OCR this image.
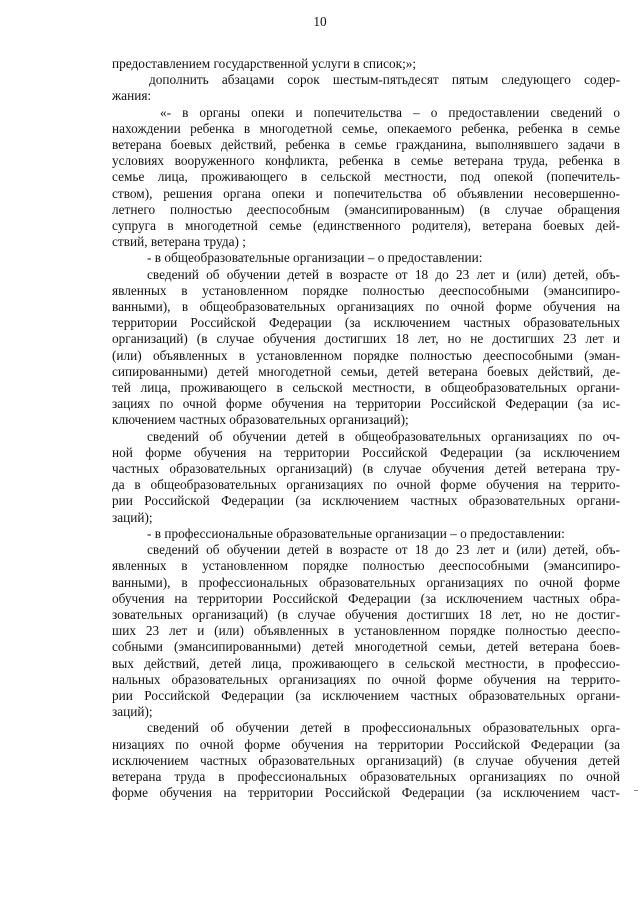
10
предоставлением государственной услуги в список;»;
дополнить абзацами сорок шестым-пятьдесят пятым следующего содер-
жания:
«- в органы опеки и попечительства – о предоставлении сведений о
нахождении ребенка в многодетной семье, опекаемого ребенка, ребенка в семье
ветерана боевых действий, ребенка в семье гражданина, выполнявшего задачи в
условиях вооруженного конфликта, ребенка в семье ветерана труда, ребенка в
семье лица, проживающего в сельской местности, под опекой (попечитель-
ством), решения органа опеки и попечительства об объявлении несовершенно-
летнего полностью дееспособным (эмансипированным) (в случае обращения
супруга в многодетной семье (единственного родителя), ветерана боевых дей-
ствий, ветерана труда) ;
- в общеобразовательные организации – о предоставлении:
сведений об обучении детей в возрасте от 18 до 23 лет и (или) детей, объ-
явленных в установленном порядке полностью дееспособными (эмансипиро-
ванными), в общеобразовательных организациях по очной форме обучения на
территории Российской Федерации (за исключением частных образовательных
организаций) (в случае обучения достигших 18 лет, но не достигших 23 лет и
(или) объявленных в установленном порядке полностью дееспособными (эман-
сипированными) детей многодетной семьи, детей ветерана боевых действий, де-
тей лица, проживающего в сельской местности, в общеобразовательных органи-
зациях по очной форме обучения на территории Российской Федерации (за ис-
ключением частных образовательных организаций);
сведений об обучении детей в общеобразовательных организациях по оч-
ной форме обучения на территории Российской Федерации (за исключением
частных образовательных организаций) (в случае обучения детей ветерана тру-
да в общеобразовательных организациях по очной форме обучения на террито-
рии Российской Федерации (за исключением частных образовательных органи-
заций);
- в профессиональные образовательные организации – о предоставлении:
сведений об обучении детей в возрасте от 18 до 23 лет и (или) детей, объ-
явленных в установленном порядке полностью дееспособными (эмансипиро-
ванными), в профессиональных образовательных организациях по очной форме
обучения на территории Российской Федерации (за исключением частных обра-
зовательных организаций) (в случае обучения достигших 18 лет, но не достиг-
ших 23 лет и (или) объявленных в установленном порядке полностью дееспо-
собными (эмансипированными) детей многодетной семьи, детей ветерана боев-
вых действий, детей лица, проживающего в сельской местности, в профессио-
нальных образовательных организациях по очной форме обучения на террито-
рии Российской Федерации (за исключением частных образовательных органи-
заций);
сведений об обучении детей в профессиональных образовательных орга-
низациях по очной форме обучения на территории Российской Федерации (за
исключением частных образовательных организаций) (в случае обучения детей
ветерана труда в профессиональных образовательных организациях по очной
форме обучения на территории Российской Федерации (за исключением част-
